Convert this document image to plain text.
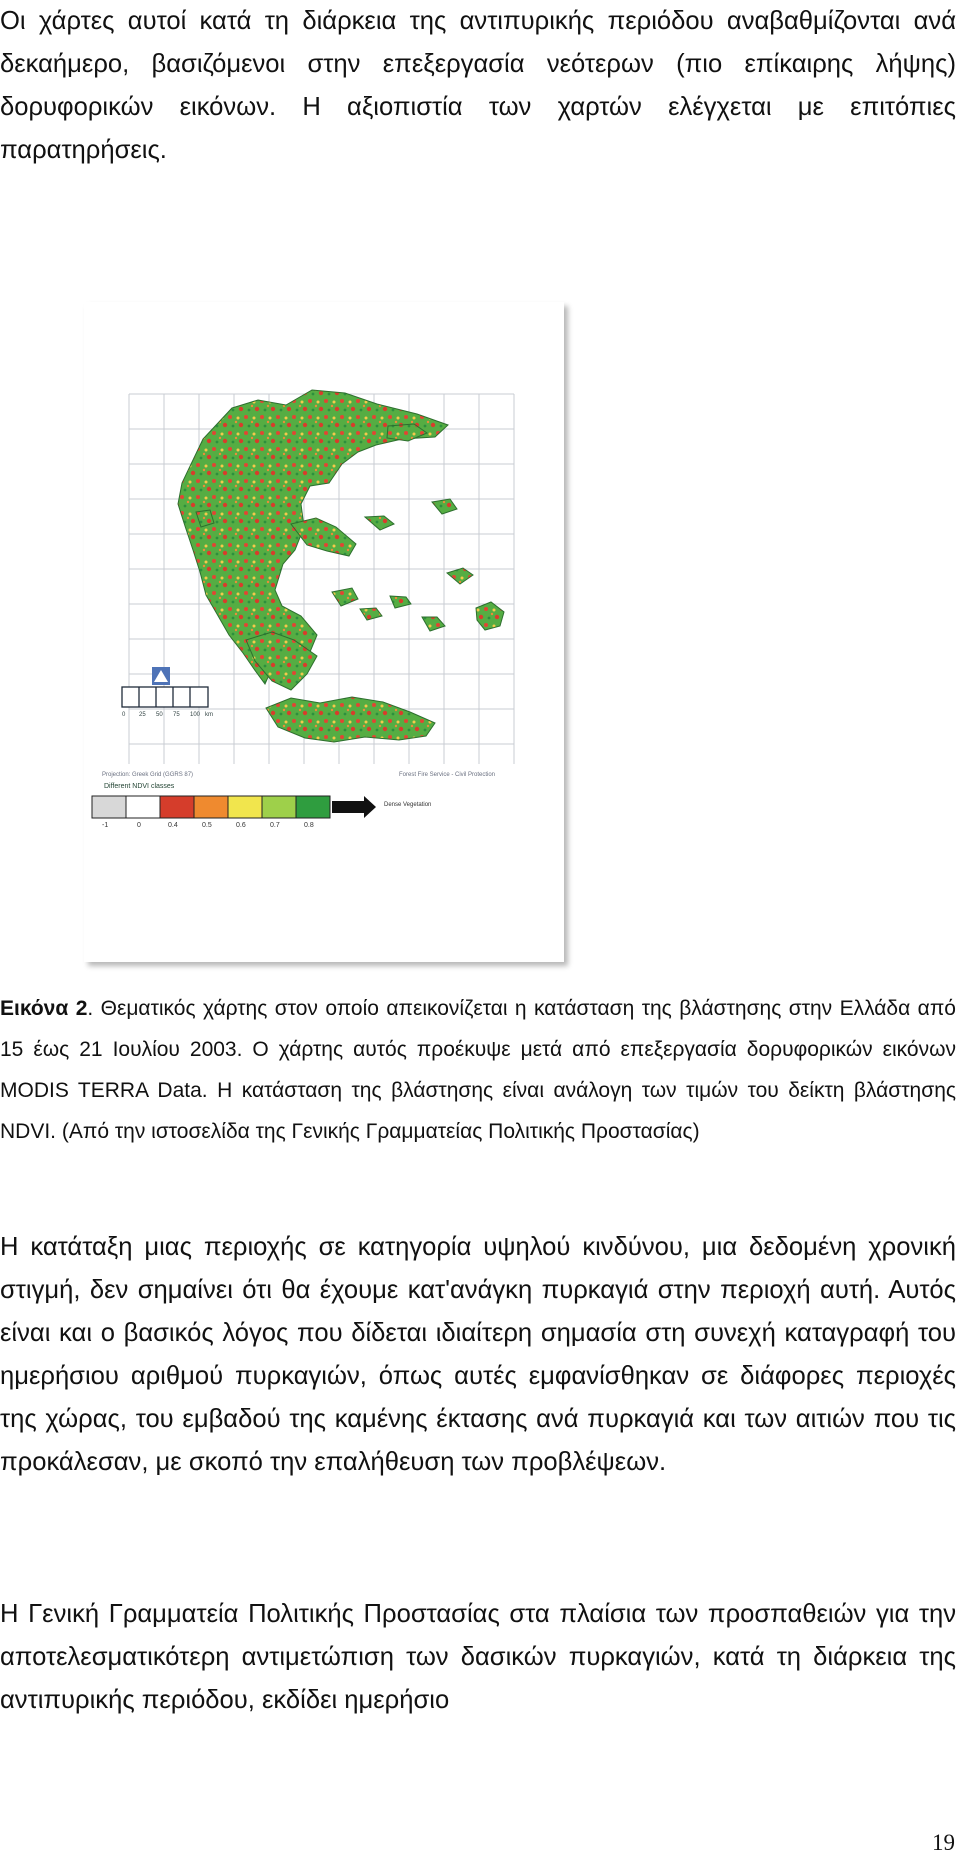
Οι χάρτες αυτοί κατά τη διάρκεια της αντιπυρικής περιόδου αναβαθμίζονται ανά δεκαήμερο, βασιζόμενοι στην επεξεργασία νεότερων (πιο επίκαιρης λήψης) δορυφορικών εικόνων. Η αξιοπιστία των χαρτών ελέγχεται με επιτόπιες παρατηρήσεις.

0 25 50 75 100 km
Projection: Greek Grid (GGRS 87)	Forest Fire Service - Civil Protection
Different NDVI classes
Dense Vegetation
-1	0	0.4	0.5	0.6	0.7	0.8

Εικόνα 2. Θεματικός χάρτης στον οποίο απεικονίζεται η κατάσταση της βλάστησης στην Ελλάδα από 15 έως 21 Ιουλίου 2003. Ο χάρτης αυτός προέκυψε μετά από επεξεργασία δορυφορικών εικόνων MODIS TERRA Data. Η κατάσταση της βλάστησης είναι ανάλογη των τιμών του δείκτη βλάστησης NDVI. (Από την ιστοσελίδα της Γενικής Γραμματείας Πολιτικής Προστασίας)

Η κατάταξη μιας περιοχής σε κατηγορία υψηλού κινδύνου, μια δεδομένη χρονική στιγμή, δεν σημαίνει ότι θα έχουμε κατ'ανάγκη πυρκαγιά στην περιοχή αυτή. Αυτός είναι και ο βασικός λόγος που δίδεται ιδιαίτερη σημασία στη συνεχή καταγραφή του ημερήσιου αριθμού πυρκαγιών, όπως αυτές εμφανίσθηκαν σε διάφορες περιοχές της χώρας, του εμβαδού της καμένης έκτασης ανά πυρκαγιά και των αιτιών που τις προκάλεσαν, με σκοπό την επαλήθευση των προβλέψεων.

Η Γενική Γραμματεία Πολιτικής Προστασίας στα πλαίσια των προσπαθειών για την αποτελεσματικότερη αντιμετώπιση των δασικών πυρκαγιών, κατά τη διάρκεια της αντιπυρικής περιόδου, εκδίδει ημερήσιο

19
